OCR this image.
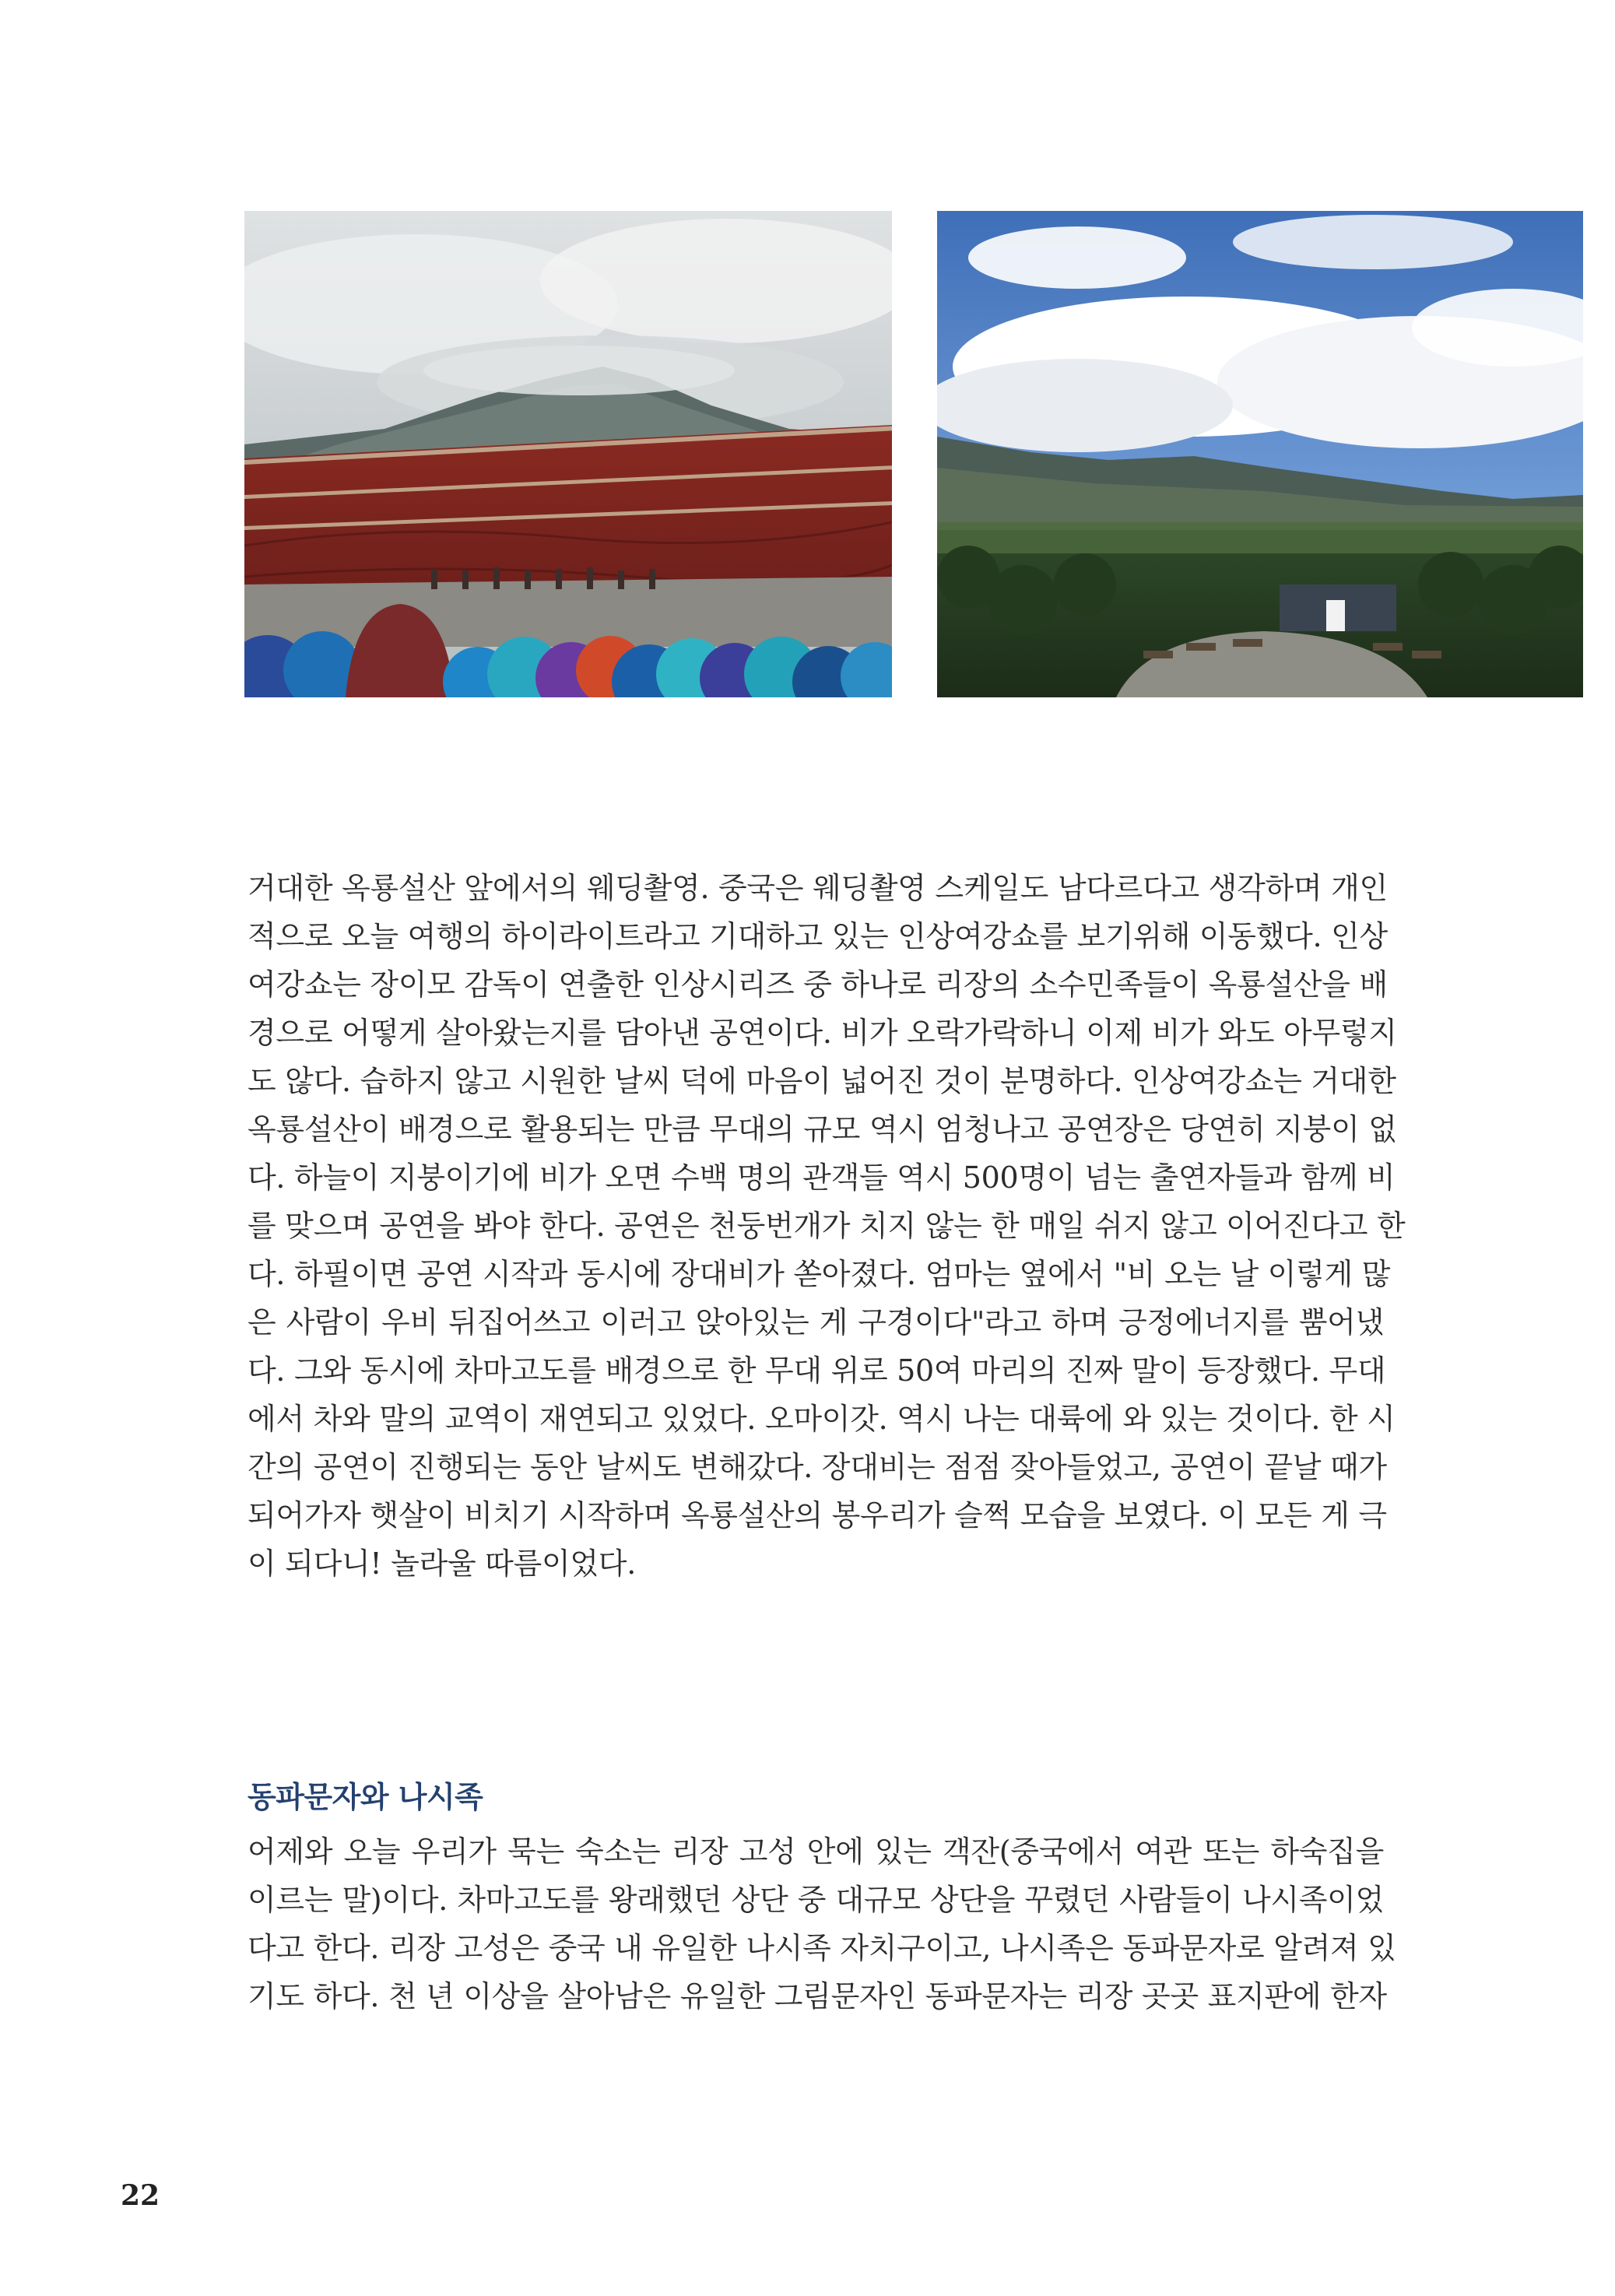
거대한 옥룡설산 앞에서의 웨딩촬영. 중국은 웨딩촬영 스케일도 남다르다고 생각하며 개인
적으로 오늘 여행의 하이라이트라고 기대하고 있는 인상여강쇼를 보기위해 이동했다. 인상
여강쇼는 장이모 감독이 연출한 인상시리즈 중 하나로 리장의 소수민족들이 옥룡설산을 배
경으로 어떻게 살아왔는지를 담아낸 공연이다. 비가 오락가락하니 이제 비가 와도 아무렇지
도 않다. 습하지 않고 시원한 날씨 덕에 마음이 넓어진 것이 분명하다. 인상여강쇼는 거대한
옥룡설산이 배경으로 활용되는 만큼 무대의 규모 역시 엄청나고 공연장은 당연히 지붕이 없
다. 하늘이 지붕이기에 비가 오면 수백 명의 관객들 역시 500명이 넘는 출연자들과 함께 비
를 맞으며 공연을 봐야 한다. 공연은 천둥번개가 치지 않는 한 매일 쉬지 않고 이어진다고 한
다. 하필이면 공연 시작과 동시에 장대비가 쏟아졌다. 엄마는 옆에서 "비 오는 날 이렇게 많
은 사람이 우비 뒤집어쓰고 이러고 앉아있는 게 구경이다"라고 하며 긍정에너지를 뿜어냈
다. 그와 동시에 차마고도를 배경으로 한 무대 위로 50여 마리의 진짜 말이 등장했다. 무대
에서 차와 말의 교역이 재연되고 있었다. 오마이갓. 역시 나는 대륙에 와 있는 것이다. 한 시
간의 공연이 진행되는 동안 날씨도 변해갔다. 장대비는 점점 잦아들었고, 공연이 끝날 때가
되어가자 햇살이 비치기 시작하며 옥룡설산의 봉우리가 슬쩍 모습을 보였다. 이 모든 게 극
이 되다니! 놀라울 따름이었다.
동파문자와 나시족
어제와 오늘 우리가 묵는 숙소는 리장 고성 안에 있는 객잔(중국에서 여관 또는 하숙집을
이르는 말)이다. 차마고도를 왕래했던 상단 중 대규모 상단을 꾸렸던 사람들이 나시족이었
다고 한다. 리장 고성은 중국 내 유일한 나시족 자치구이고, 나시족은 동파문자로 알려져 있
기도 하다. 천 년 이상을 살아남은 유일한 그림문자인 동파문자는 리장 곳곳 표지판에 한자
22
